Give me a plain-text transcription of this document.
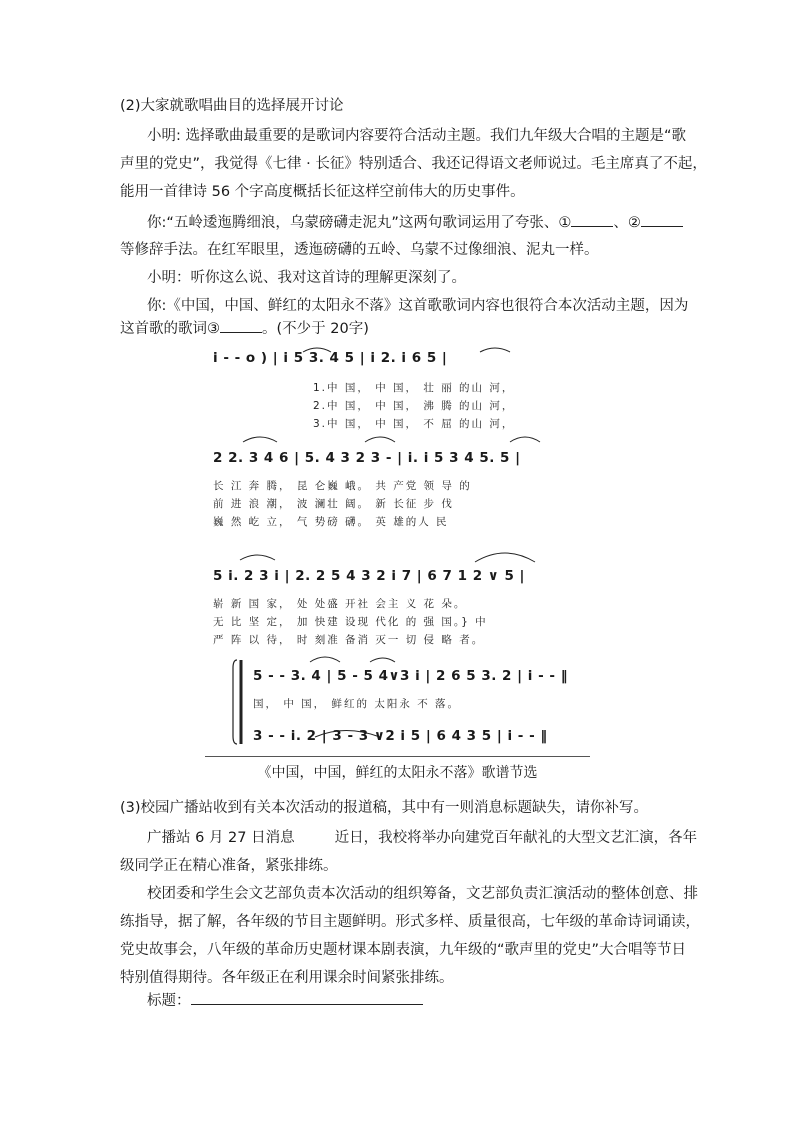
(2)大家就歌唱曲目的选择展开讨论
小明: 选择歌曲最重要的是歌词内容要符合活动主题。我们九年级大合唱的主题是“歌
声里的党史”，我觉得《七律 · 长征》特别适合、我还记得语文老师说过。毛主席真了不起，
能用一首律诗 56 个字高度概括长征这样空前伟大的历史事件。
你:“五岭逶迤腾细浪，乌蒙磅礴走泥丸”这两句歌词运用了夸张、①	、②
等修辞手法。在红军眼里，透迤磅礴的五岭、乌蒙不过像细浪、泥丸一样。
小明：听你这么说、我对这首诗的理解更深刻了。
你:《中国，中国、鲜红的太阳永不落》这首歌歌词内容也很符合本次活动主题，因为
这首歌的歌词③	。(不少于 20字)
i - - o ) | i 5 3. 4 5 | i 2. i 6 5 |
1.中 国， 中 国， 壮 丽 的山 河，
2.中 国， 中 国， 沸 腾 的山 河，
3.中 国， 中 国， 不 屈 的山 河，
2 2. 3 4 6 | 5. 4 3 2 3 - | i. i 5 3 4 5. 5 |
长 江 奔 腾， 昆 仑巍 峨。 共 产党 领 导 的
前 进 浪 潮， 波 澜壮 阔。 新 长征 步 伐
巍 然 屹 立， 气 势磅 礴。 英 雄的人 民
5 i. 2 3 i | 2. 2 5 4 3 2 i 7 | 6 7 1 2 ∨ 5 |
崭 新 国 家， 处 处盛 开社 会主 义 花 朵。
无 比 坚 定， 加 快建 设现 代化 的 强 国。} 中
严 阵 以 待， 时 刻准 备消 灭一 切 侵 略 者。
5 - - 3. 4 | 5 - 5 4∨3 i | 2 6 5 3. 2 | i - - ‖
国， 中 国， 鲜红的 太阳永 不 落。
3 - - i. 2 | 3 - 3 ∨2 i 5 | 6 4 3 5 | i - - ‖
《中国，中国，鲜红的太阳永不落》歌谱节选
(3)校园广播站收到有关本次活动的报道稿，其中有一则消息标题缺失，请你补写。
广播站 6 月 27 日消息	近日，我校将举办向建党百年献礼的大型文艺汇演，各年
级同学正在精心准备，紧张排练。
校团委和学生会文艺部负责本次活动的组织筹备，文艺部负责汇演活动的整体创意、排
练指导，据了解，各年级的节目主题鲜明。形式多样、质量很高，七年级的革命诗词诵读，
党史故事会，八年级的革命历史题材课本剧表演，九年级的“歌声里的党史”大合唱等节日
特别值得期待。各年级正在利用课余时间紧张排练。
标题：
